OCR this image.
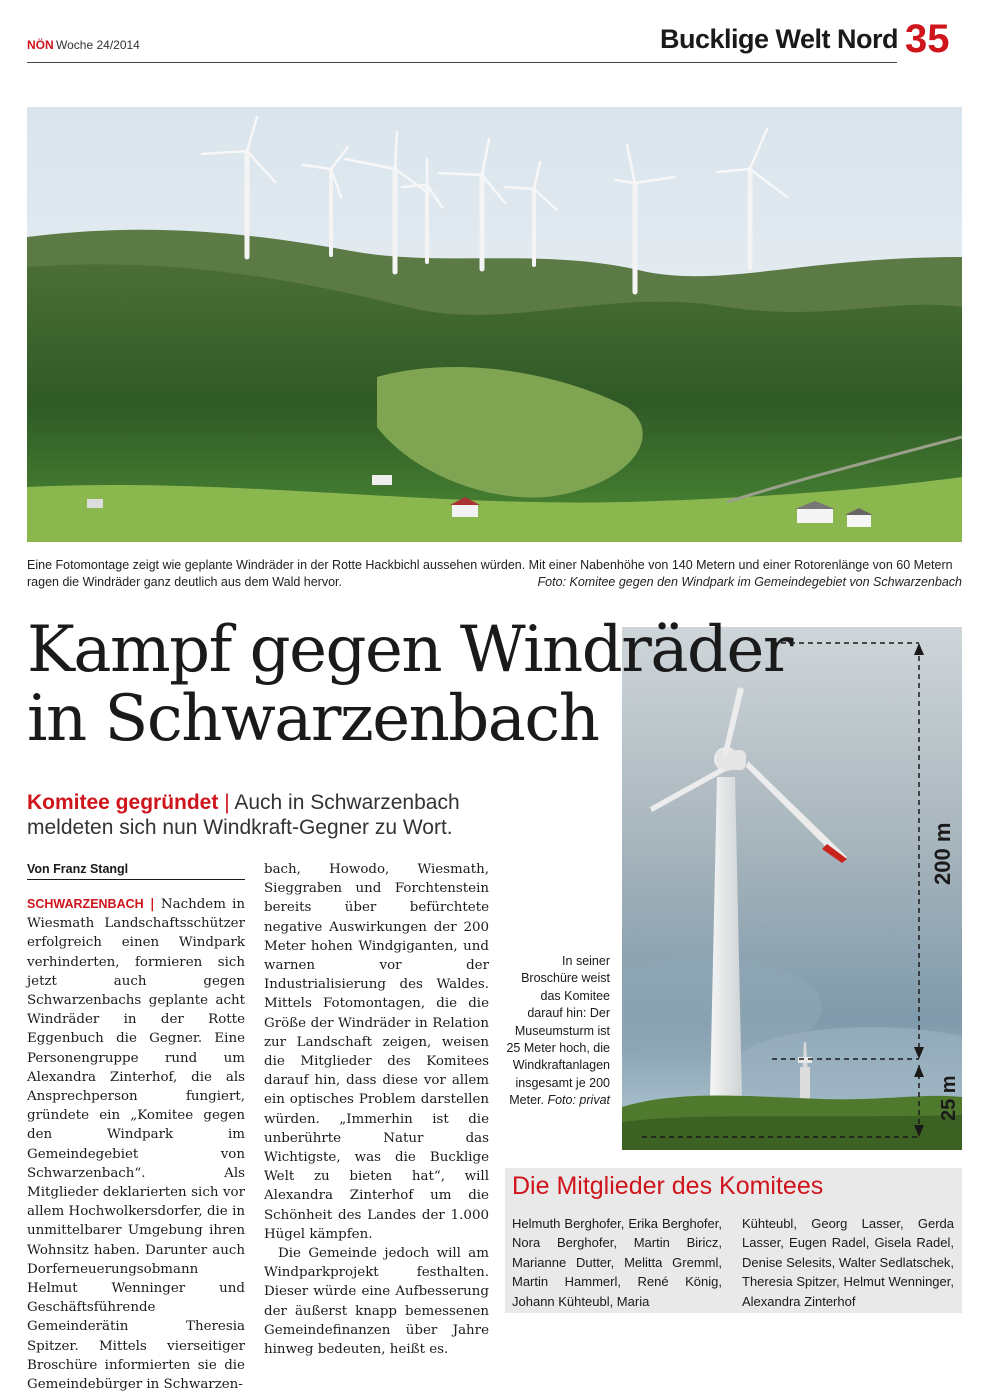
NÖN Woche 24/2014	Bucklige Welt Nord 35
Eine Fotomontage zeigt wie geplante Windräder in der Rotte Hackbichl aussehen würden. Mit einer Nabenhöhe von 140 Metern und einer Rotorenlänge von 60 Metern ragen die Windräder ganz deutlich aus dem Wald hervor.	Foto: Komitee gegen den Windpark im Gemeindegebiet von Schwarzenbach
200 m
25 m
Kampf gegen Windräder
in Schwarzenbach
Komitee gegründet | Auch in Schwarzenbach meldeten sich nun Windkraft-Gegner zu Wort.
In seiner Broschüre weist das Komitee darauf hin: Der Museumsturm ist 25 Meter hoch, die Windkraftanlagen insgesamt je 200 Meter. Foto: privat
Von Franz Stangl

SCHWARZENBACH | Nachdem in Wiesmath Landschaftsschützer erfolgreich einen Windpark verhinderten, formieren sich jetzt auch gegen Schwarzenbachs geplante acht Windräder in der Rotte Eggenbuch die Gegner. Eine Personengruppe rund um Alexandra Zinterhof, die als Ansprechperson fungiert, gründete ein „Komitee gegen den Windpark im Gemeindegebiet von Schwarzenbach“. Als Mitglieder deklarierten sich vor allem Hochwolkersdorfer, die in unmittelbarer Umgebung ihren Wohnsitz haben. Darunter auch Dorferneuerungsobmann Helmut Wenninger und Geschäftsführende Gemeinderätin Theresia Spitzer. Mittels vierseitiger Broschüre informierten sie die Gemeindebürger in Schwarzen-

bach, Howodo, Wiesmath, Sieggraben und Forchtenstein bereits über befürchtete negative Auswirkungen der 200 Meter hohen Windgiganten, und warnen vor der Industrialisierung des Waldes. Mittels Fotomontagen, die die Größe der Windräder in Relation zur Landschaft zeigen, weisen die Mitglieder des Komitees darauf hin, dass diese vor allem ein optisches Problem darstellen würden. „Immerhin ist die unberührte Natur das Wichtigste, was die Bucklige Welt zu bieten hat“, will Alexandra Zinterhof um die Schönheit des Landes der 1.000 Hügel kämpfen.

Die Gemeinde jedoch will am Windparkprojekt festhalten. Dieser würde eine Aufbesserung der äußerst knapp bemessenen Gemeindefinanzen über Jahre hinweg bedeuten, heißt es.

Die Mitglieder des Komitees
Helmuth Berghofer, Erika Berghofer, Nora Berghofer, Martin Biricz, Marianne Dutter, Melitta Gremml, Martin Hammerl, René König, Johann Kühteubl, Maria
Kühteubl, Georg Lasser, Gerda Lasser, Eugen Radel, Gisela Radel, Denise Selesits, Walter Sedlatschek, Theresia Spitzer, Helmut Wenninger, Alexandra Zinterhof
